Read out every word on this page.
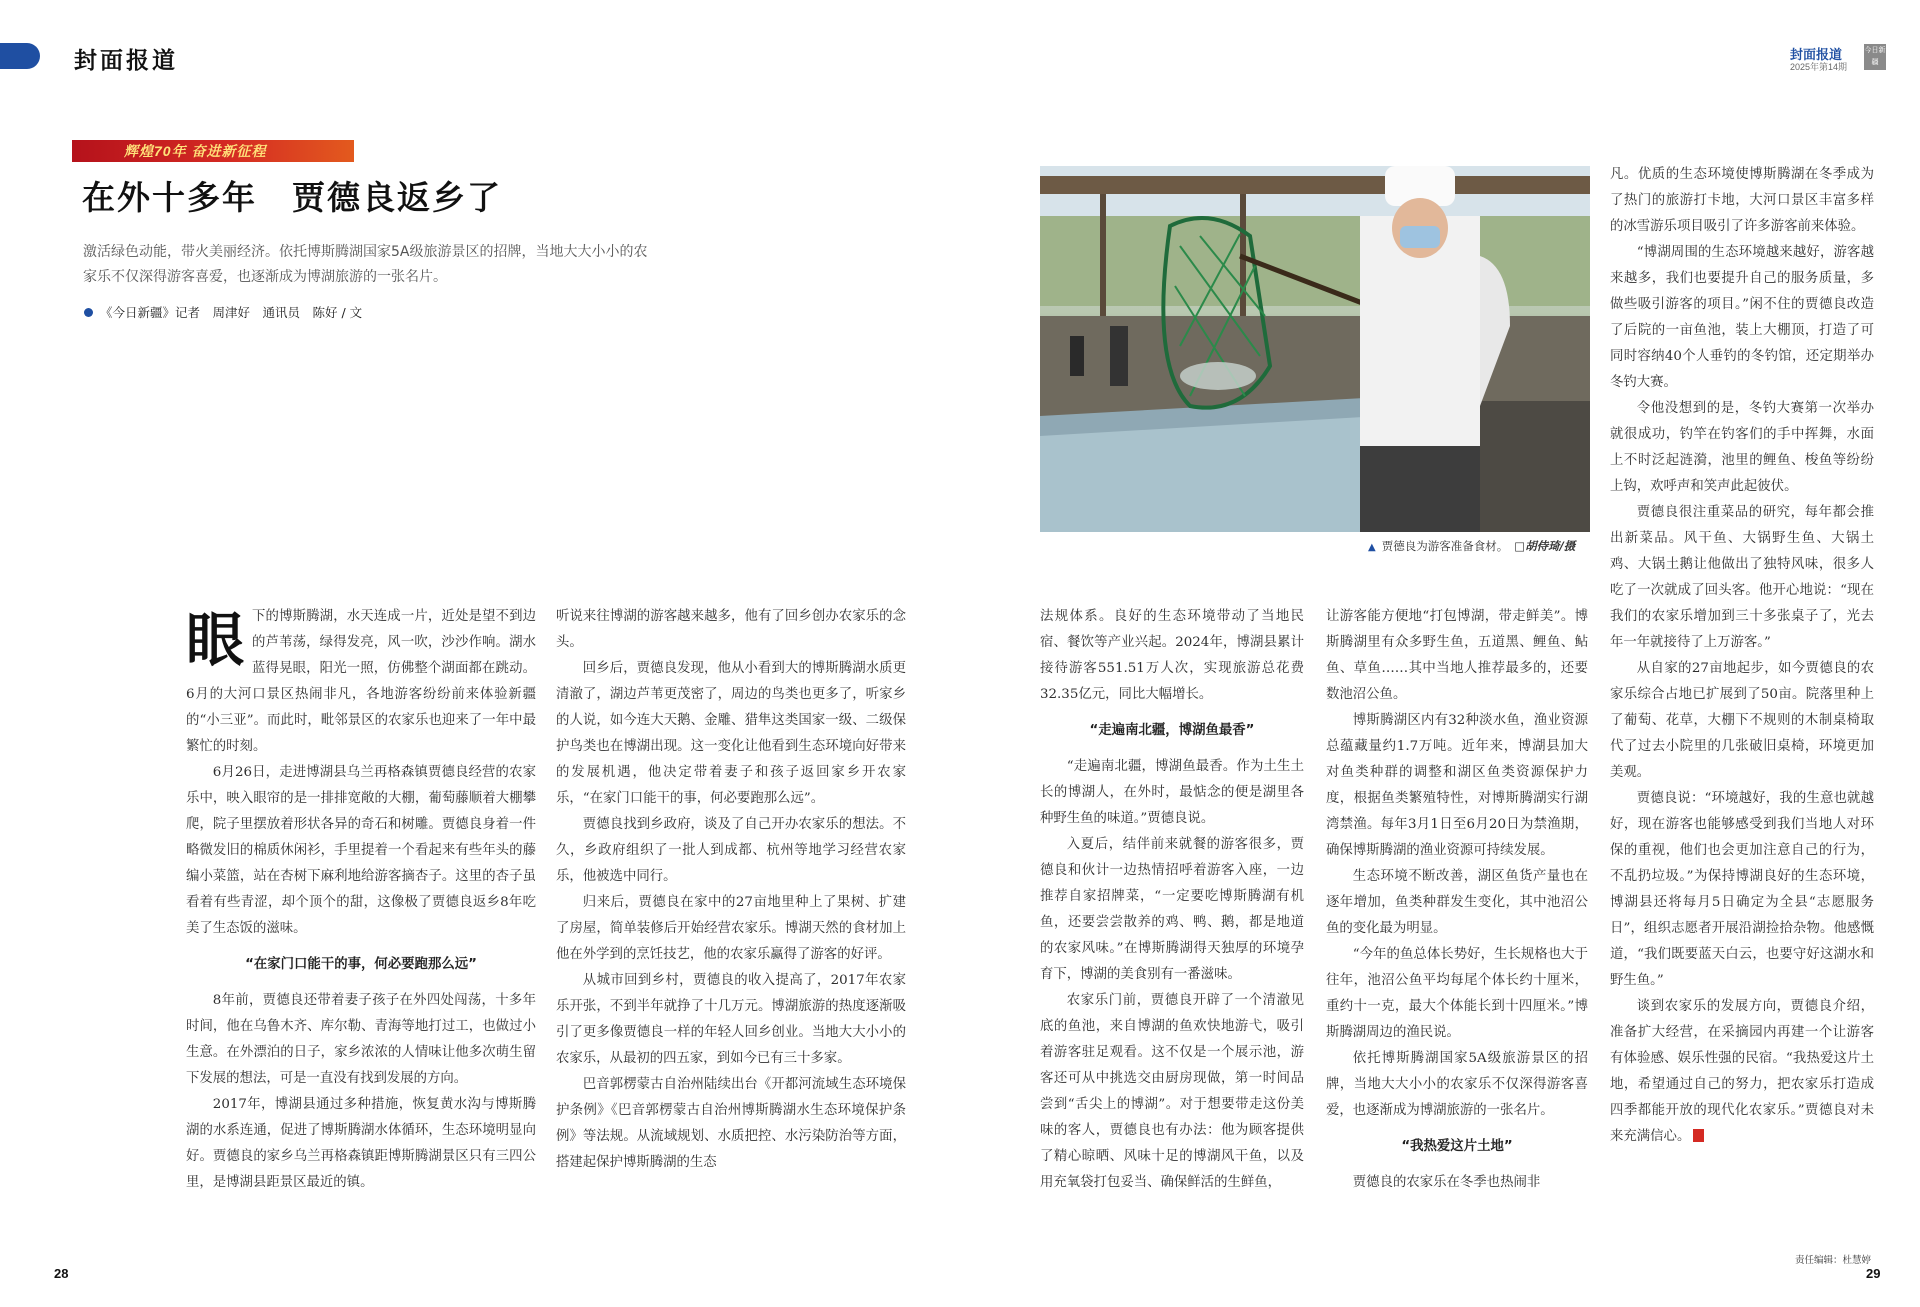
封面报道
辉煌70年 奋进新征程
在外十多年　贾德良返乡了
激活绿色动能，带火美丽经济。依托博斯腾湖国家5A级旅游景区的招牌，当地大大小小的农家乐不仅深得游客喜爱，也逐渐成为博湖旅游的一张名片。
《今日新疆》记者　周津好　通讯员　陈好 / 文

眼下的博斯腾湖，水天连成一片，近处是望不到边的芦苇荡，绿得发亮，风一吹，沙沙作响。湖水蓝得晃眼，阳光一照，仿佛整个湖面都在跳动。6月的大河口景区热闹非凡，各地游客纷纷前来体验新疆的“小三亚”。而此时，毗邻景区的农家乐也迎来了一年中最繁忙的时刻。

6月26日，走进博湖县乌兰再格森镇贾德良经营的农家乐中，映入眼帘的是一排排宽敞的大棚，葡萄藤顺着大棚攀爬，院子里摆放着形状各异的奇石和树雕。贾德良身着一件略微发旧的棉质休闲衫，手里提着一个看起来有些年头的藤编小菜篮，站在杏树下麻利地给游客摘杏子。这里的杏子虽看着有些青涩，却个顶个的甜，这像极了贾德良返乡8年吃美了生态饭的滋味。

“在家门口能干的事，何必要跑那么远”

8年前，贾德良还带着妻子孩子在外四处闯荡，十多年时间，他在乌鲁木齐、库尔勒、青海等地打过工，也做过小生意。在外漂泊的日子，家乡浓浓的人情味让他多次萌生留下发展的想法，可是一直没有找到发展的方向。

2017年，博湖县通过多种措施，恢复黄水沟与博斯腾湖的水系连通，促进了博斯腾湖水体循环，生态环境明显向好。贾德良的家乡乌兰再格森镇距博斯腾湖景区只有三四公里，是博湖县距景区最近的镇。

听说来往博湖的游客越来越多，他有了回乡创办农家乐的念头。

回乡后，贾德良发现，他从小看到大的博斯腾湖水质更清澈了，湖边芦苇更茂密了，周边的鸟类也更多了，听家乡的人说，如今连大天鹅、金雕、猎隼这类国家一级、二级保护鸟类也在博湖出现。这一变化让他看到生态环境向好带来的发展机遇，他决定带着妻子和孩子返回家乡开农家乐，“在家门口能干的事，何必要跑那么远”。

贾德良找到乡政府，谈及了自己开办农家乐的想法。不久，乡政府组织了一批人到成都、杭州等地学习经营农家乐，他被选中同行。

归来后，贾德良在家中的27亩地里种上了果树、扩建了房屋，简单装修后开始经营农家乐。博湖天然的食材加上他在外学到的烹饪技艺，他的农家乐赢得了游客的好评。

从城市回到乡村，贾德良的收入提高了，2017年农家乐开张，不到半年就挣了十几万元。博湖旅游的热度逐渐吸引了更多像贾德良一样的年轻人回乡创业。当地大大小小的农家乐，从最初的四五家，到如今已有三十多家。

巴音郭楞蒙古自治州陆续出台《开都河流域生态环境保护条例》《巴音郭楞蒙古自治州博斯腾湖水生态环境保护条例》等法规。从流域规划、水质把控、水污染防治等方面，搭建起保护博斯腾湖的生态

28
封面报道
2025年第14期
今日新疆
▲ 贾德良为游客准备食材。 □胡侍琦/摄

法规体系。良好的生态环境带动了当地民宿、餐饮等产业兴起。2024年，博湖县累计接待游客551.51万人次，实现旅游总花费32.35亿元，同比大幅增长。

“走遍南北疆，博湖鱼最香”

“走遍南北疆，博湖鱼最香。作为土生土长的博湖人，在外时，最惦念的便是湖里各种野生鱼的味道。”贾德良说。

入夏后，结伴前来就餐的游客很多，贾德良和伙计一边热情招呼着游客入座，一边推荐自家招牌菜，“一定要吃博斯腾湖有机鱼，还要尝尝散养的鸡、鸭、鹅，都是地道的农家风味。”在博斯腾湖得天独厚的环境孕育下，博湖的美食别有一番滋味。

农家乐门前，贾德良开辟了一个清澈见底的鱼池，来自博湖的鱼欢快地游弋，吸引着游客驻足观看。这不仅是一个展示池，游客还可从中挑选交由厨房现做，第一时间品尝到“舌尖上的博湖”。对于想要带走这份美味的客人，贾德良也有办法：他为顾客提供了精心晾晒、风味十足的博湖风干鱼，以及用充氧袋打包妥当、确保鲜活的生鲜鱼，

让游客能方便地“打包博湖，带走鲜美”。博斯腾湖里有众多野生鱼，五道黑、鲤鱼、鲇鱼、草鱼……其中当地人推荐最多的，还要数池沼公鱼。

博斯腾湖区内有32种淡水鱼，渔业资源总蕴藏量约1.7万吨。近年来，博湖县加大对鱼类种群的调整和湖区鱼类资源保护力度，根据鱼类繁殖特性，对博斯腾湖实行湖湾禁渔。每年3月1日至6月20日为禁渔期，确保博斯腾湖的渔业资源可持续发展。

生态环境不断改善，湖区鱼货产量也在逐年增加，鱼类种群发生变化，其中池沼公鱼的变化最为明显。

“今年的鱼总体长势好，生长规格也大于往年，池沼公鱼平均每尾个体长约十厘米，重约十一克，最大个体能长到十四厘米。”博斯腾湖周边的渔民说。

依托博斯腾湖国家5A级旅游景区的招牌，当地大大小小的农家乐不仅深得游客喜爱，也逐渐成为博湖旅游的一张名片。

“我热爱这片土地”

贾德良的农家乐在冬季也热闹非

凡。优质的生态环境使博斯腾湖在冬季成为了热门的旅游打卡地，大河口景区丰富多样的冰雪游乐项目吸引了许多游客前来体验。

“博湖周围的生态环境越来越好，游客越来越多，我们也要提升自己的服务质量，多做些吸引游客的项目。”闲不住的贾德良改造了后院的一亩鱼池，装上大棚顶，打造了可同时容纳40个人垂钓的冬钓馆，还定期举办冬钓大赛。

令他没想到的是，冬钓大赛第一次举办就很成功，钓竿在钓客们的手中挥舞，水面上不时泛起涟漪，池里的鲤鱼、梭鱼等纷纷上钩，欢呼声和笑声此起彼伏。

贾德良很注重菜品的研究，每年都会推出新菜品。风干鱼、大锅野生鱼、大锅土鸡、大锅土鹅让他做出了独特风味，很多人吃了一次就成了回头客。他开心地说：“现在我们的农家乐增加到三十多张桌子了，光去年一年就接待了上万游客。”

从自家的27亩地起步，如今贾德良的农家乐综合占地已扩展到了50亩。院落里种上了葡萄、花草，大棚下不规则的木制桌椅取代了过去小院里的几张破旧桌椅，环境更加美观。

贾德良说：“环境越好，我的生意也就越好，现在游客也能够感受到我们当地人对环保的重视，他们也会更加注意自己的行为，不乱扔垃圾。”为保持博湖良好的生态环境，博湖县还将每月5日确定为全县“志愿服务日”，组织志愿者开展沿湖捡拾杂物。他感慨道，“我们既要蓝天白云，也要守好这湖水和野生鱼。”

谈到农家乐的发展方向，贾德良介绍，准备扩大经营，在采摘园内再建一个让游客有体验感、娱乐性强的民宿。“我热爱这片土地，希望通过自己的努力，把农家乐打造成四季都能开放的现代化农家乐。”贾德良对未来充满信心。

责任编辑：杜慧婷
29
